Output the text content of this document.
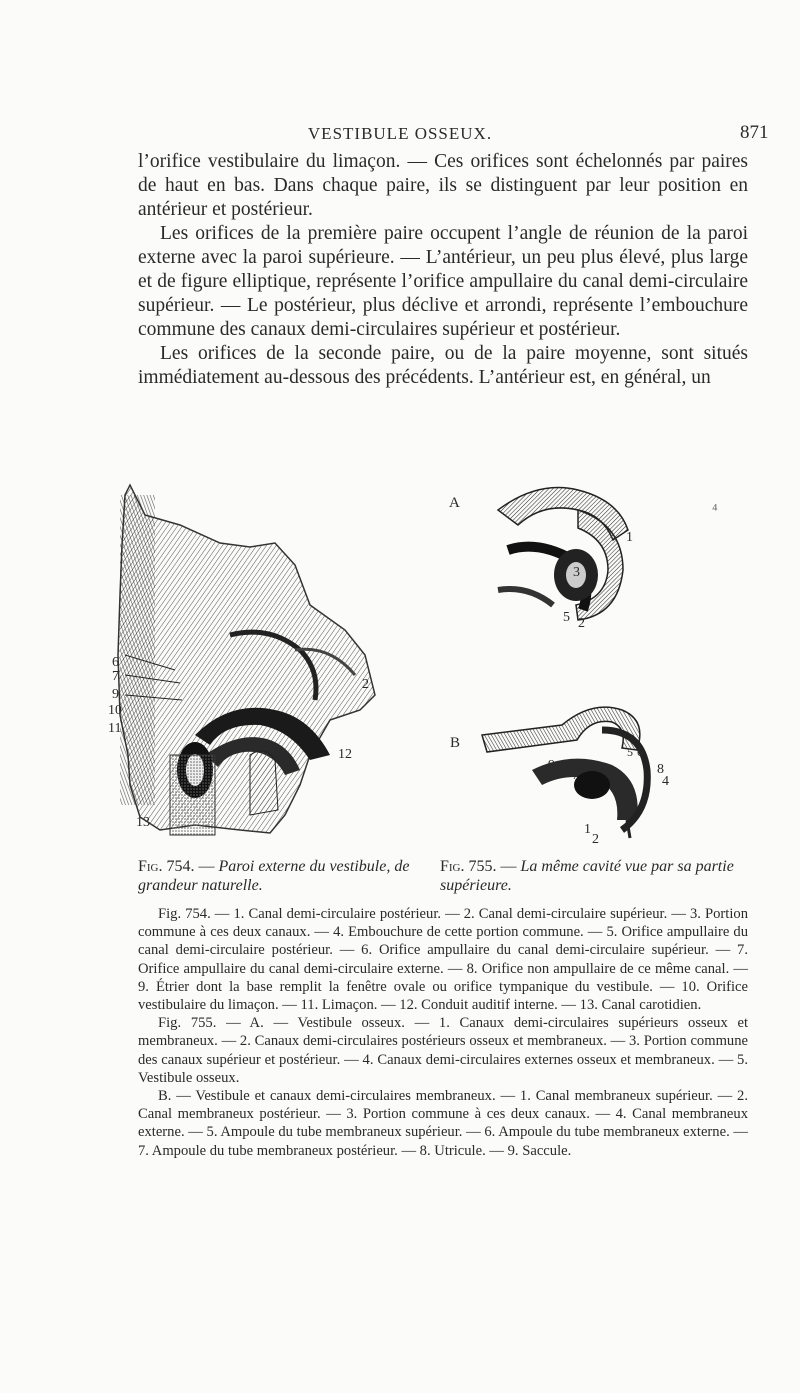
VESTIBULE OSSEUX.	871

l’orifice vestibulaire du limaçon. — Ces orifices sont échelonnés par paires de haut en bas. Dans chaque paire, ils se distinguent par leur position en antérieur et postérieur.

Les orifices de la première paire occupent l’angle de réunion de la paroi externe avec la paroi supérieure. — L’antérieur, un peu plus élevé, plus large et de figure elliptique, représente l’orifice ampullaire du canal demi-circulaire supérieur. — Le postérieur, plus déclive et arrondi, représente l’embouchure commune des canaux demi-circulaires supérieur et postérieur.

Les orifices de la seconde paire, ou de la paire moyenne, sont situés immédiatement au-dessous des précédents. L’antérieur est, en général, un

6
7
9
10
11
13
2
12
A
1
3
5 2
B
5 6
9
7 3
8
4
1
2
⁴
Fig. 754. — Paroi externe du vestibule, de grandeur naturelle.
Fig. 755. — La même cavité vue par sa partie supérieure.

Fig. 754. — 1. Canal demi-circulaire postérieur. — 2. Canal demi-circulaire supérieur. — 3. Portion commune à ces deux canaux. — 4. Embouchure de cette portion commune. — 5. Orifice ampullaire du canal demi-circulaire postérieur. — 6. Orifice ampullaire du canal demi-circulaire supérieur. — 7. Orifice ampullaire du canal demi-circulaire externe. — 8. Orifice non ampullaire de ce même canal. — 9. Étrier dont la base remplit la fenêtre ovale ou orifice tympanique du vestibule. — 10. Orifice vestibulaire du limaçon. — 11. Limaçon. — 12. Conduit auditif interne. — 13. Canal carotidien.

Fig. 755. — A. — Vestibule osseux. — 1. Canaux demi-circulaires supérieurs osseux et membraneux. — 2. Canaux demi-circulaires postérieurs osseux et membraneux. — 3. Portion commune des canaux supérieur et postérieur. — 4. Canaux demi-circulaires externes osseux et membraneux. — 5. Vestibule osseux.

B. — Vestibule et canaux demi-circulaires membraneux. — 1. Canal membraneux supérieur. — 2. Canal membraneux postérieur. — 3. Portion commune à ces deux canaux. — 4. Canal membraneux externe. — 5. Ampoule du tube membraneux supérieur. — 6. Ampoule du tube membraneux externe. — 7. Ampoule du tube membraneux postérieur. — 8. Utricule. — 9. Saccule.
